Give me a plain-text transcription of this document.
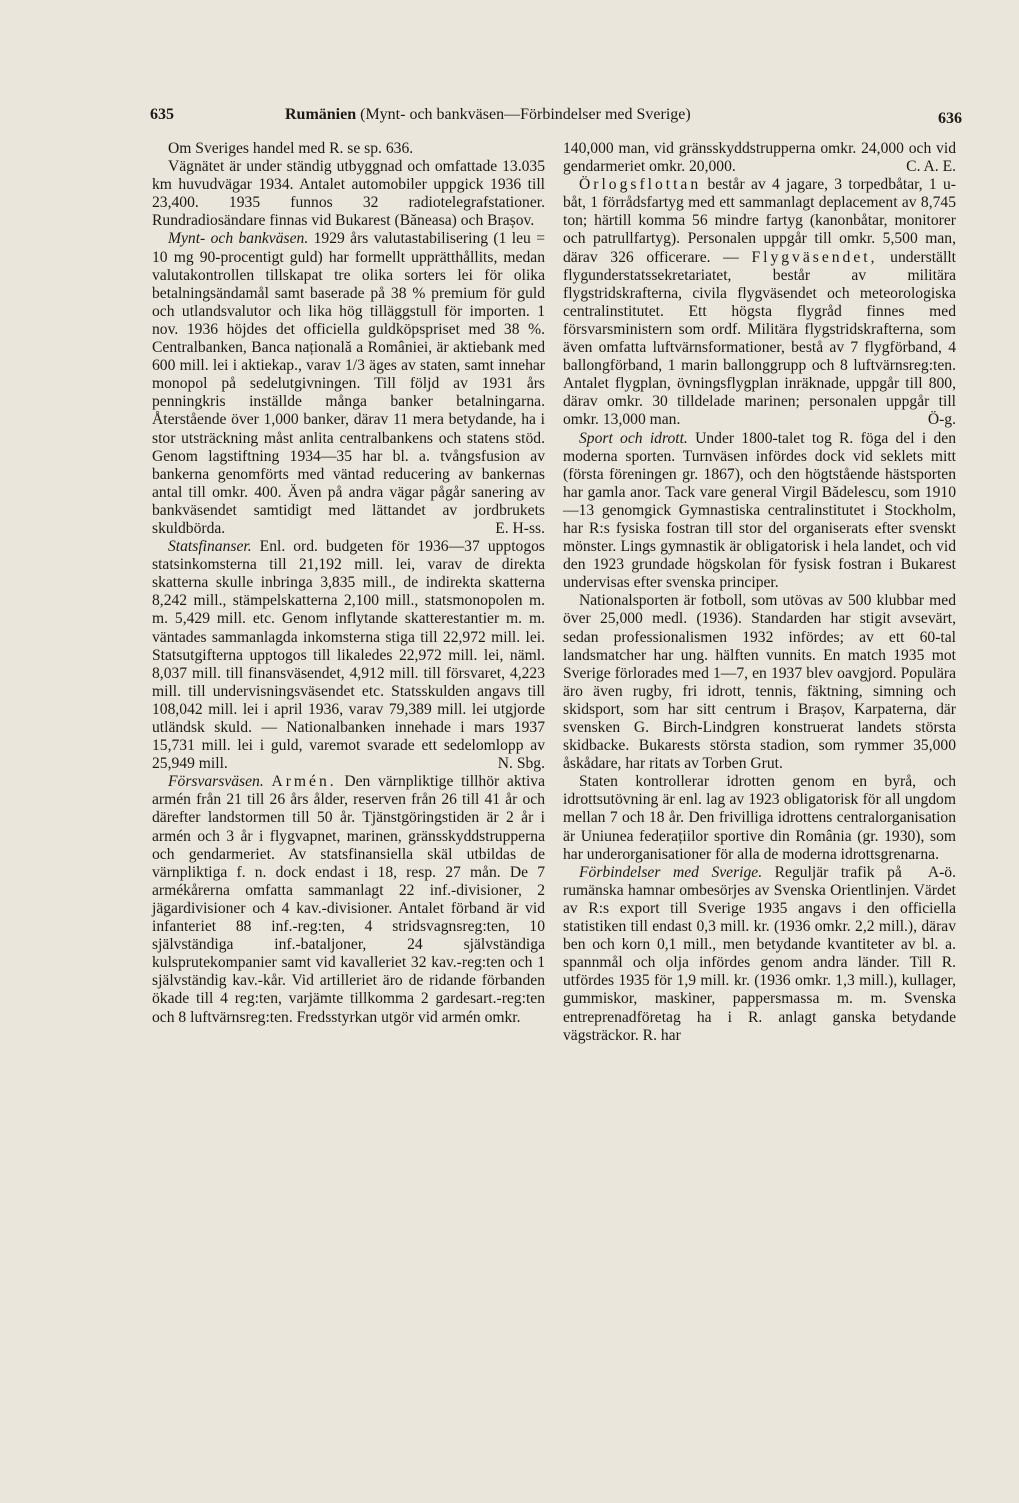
635	Rumänien (Mynt- och bankväsen—Förbindelser med Sverige)	636

Om Sveriges handel med R. se sp. 636.

Vägnätet är under ständig utbyggnad och omfattade 13.035 km huvudvägar 1934. Antalet automobiler uppgick 1936 till 23,400. 1935 funnos 32 radiotelegrafstationer. Rundradiosändare finnas vid Bukarest (Băneasa) och Brașov.

Mynt- och bankväsen. 1929 års valutastabilisering (1 leu = 10 mg 90-procentigt guld) har formellt upprätthållits, medan valutakontrollen tillskapat tre olika sorters lei för olika betalningsändamål samt baserade på 38 % premium för guld och utlandsvalutor och lika hög tilläggstull för importen. 1 nov. 1936 höjdes det officiella guldköpspriset med 38 %. Centralbanken, Banca națională a României, är aktiebank med 600 mill. lei i aktiekap., varav 1/3 äges av staten, samt innehar monopol på sedelutgivningen. Till följd av 1931 års penningkris inställde många banker betalningarna. Återstående över 1,000 banker, därav 11 mera betydande, ha i stor utsträckning måst anlita centralbankens och statens stöd. Genom lagstiftning 1934—35 har bl. a. tvångsfusion av bankerna genomförts med väntad reducering av bankernas antal till omkr. 400. Även på andra vägar pågår sanering av bankväsendet samtidigt med lättandet av jordbrukets skuldbörda.	E. H-ss.

Statsfinanser. Enl. ord. budgeten för 1936—37 upptogos statsinkomsterna till 21,192 mill. lei, varav de direkta skatterna skulle inbringa 3,835 mill., de indirekta skatterna 8,242 mill., stämpelskatterna 2,100 mill., statsmonopolen m. m. 5,429 mill. etc. Genom inflytande skatterestantier m. m. väntades sammanlagda inkomsterna stiga till 22,972 mill. lei. Statsutgifterna upptogos till likaledes 22,972 mill. lei, näml. 8,037 mill. till finansväsendet, 4,912 mill. till försvaret, 4,223 mill. till undervisningsväsendet etc. Statsskulden angavs till 108,042 mill. lei i april 1936, varav 79,389 mill. lei utgjorde utländsk skuld. — Nationalbanken innehade i mars 1937 15,731 mill. lei i guld, varemot svarade ett sedelomlopp av 25,949 mill.	N. Sbg.

Försvarsväsen. Armén. Den värnpliktige tillhör aktiva armén från 21 till 26 års ålder, reserven från 26 till 41 år och därefter landstormen till 50 år. Tjänstgöringstiden är 2 år i armén och 3 år i flygvapnet, marinen, gränsskyddstrupperna och gendarmeriet. Av statsfinansiella skäl utbildas de värnpliktiga f. n. dock endast i 18, resp. 27 mån. De 7 armékårerna omfatta sammanlagt 22 inf.-divisioner, 2 jägardivisioner och 4 kav.-divisioner. Antalet förband är vid infanteriet 88 inf.-reg:ten, 4 stridsvagnsreg:ten, 10 självständiga inf.-bataljoner, 24 självständiga kulsprutekompanier samt vid kavalleriet 32 kav.-reg:ten och 1 självständig kav.-kår. Vid artilleriet äro de ridande förbanden ökade till 4 reg:ten, varjämte tillkomma 2 gardesart.-reg:ten och 8 luftvärnsreg:ten. Fredsstyrkan utgör vid armén omkr.

140,000 man, vid gränsskyddstrupperna omkr. 24,000 och vid gendarmeriet omkr. 20,000.	C. A. E.

Örlogsflottan består av 4 jagare, 3 torpedbåtar, 1 u-båt, 1 förrådsfartyg med ett sammanlagt deplacement av 8,745 ton; härtill komma 56 mindre fartyg (kanonbåtar, monitorer och patrullfartyg). Personalen uppgår till omkr. 5,500 man, därav 326 officerare. — Flygväsendet, underställt flygunderstatssekretariatet, består av militära flygstridskrafterna, civila flygväsendet och meteorologiska centralinstitutet. Ett högsta flygråd finnes med försvarsministern som ordf. Militära flygstridskrafterna, som även omfatta luftvärnsformationer, bestå av 7 flygförband, 4 ballongförband, 1 marin ballonggrupp och 8 luftvärnsreg:ten. Antalet flygplan, övningsflygplan inräknade, uppgår till 800, därav omkr. 30 tilldelade marinen; personalen uppgår till omkr. 13,000 man.	Ö-g.

Sport och idrott. Under 1800-talet tog R. föga del i den moderna sporten. Turnväsen infördes dock vid seklets mitt (första föreningen gr. 1867), och den högtstående hästsporten har gamla anor. Tack vare general Virgil Bădelescu, som 1910—13 genomgick Gymnastiska centralinstitutet i Stockholm, har R:s fysiska fostran till stor del organiserats efter svenskt mönster. Lings gymnastik är obligatorisk i hela landet, och vid den 1923 grundade högskolan för fysisk fostran i Bukarest undervisas efter svenska principer.

Nationalsporten är fotboll, som utövas av 500 klubbar med över 25,000 medl. (1936). Standarden har stigit avsevärt, sedan professionalismen 1932 infördes; av ett 60-tal landsmatcher har ung. hälften vunnits. En match 1935 mot Sverige förlorades med 1—7, en 1937 blev oavgjord. Populära äro även rugby, fri idrott, tennis, fäktning, simning och skidsport, som har sitt centrum i Brașov, Karpaterna, där svensken G. Birch-Lindgren konstruerat landets största skidbacke. Bukarests största stadion, som rymmer 35,000 åskådare, har ritats av Torben Grut.

Staten kontrollerar idrotten genom en byrå, och idrottsutövning är enl. lag av 1923 obligatorisk för all ungdom mellan 7 och 18 år. Den frivilliga idrottens centralorganisation är Uniunea federațiilor sportive din România (gr. 1930), som har underorganisationer för alla de moderna idrottsgrenarna.
A-ö.

Förbindelser med Sverige. Reguljär trafik på rumänska hamnar ombesörjes av Svenska Orientlinjen. Värdet av R:s export till Sverige 1935 angavs i den officiella statistiken till endast 0,3 mill. kr. (1936 omkr. 2,2 mill.), därav ben och korn 0,1 mill., men betydande kvantiteter av bl. a. spannmål och olja infördes genom andra länder. Till R. utfördes 1935 för 1,9 mill. kr. (1936 omkr. 1,3 mill.), kullager, gummiskor, maskiner, pappersmassa m. m. Svenska entreprenadföretag ha i R. anlagt ganska betydande vägsträckor. R. har
